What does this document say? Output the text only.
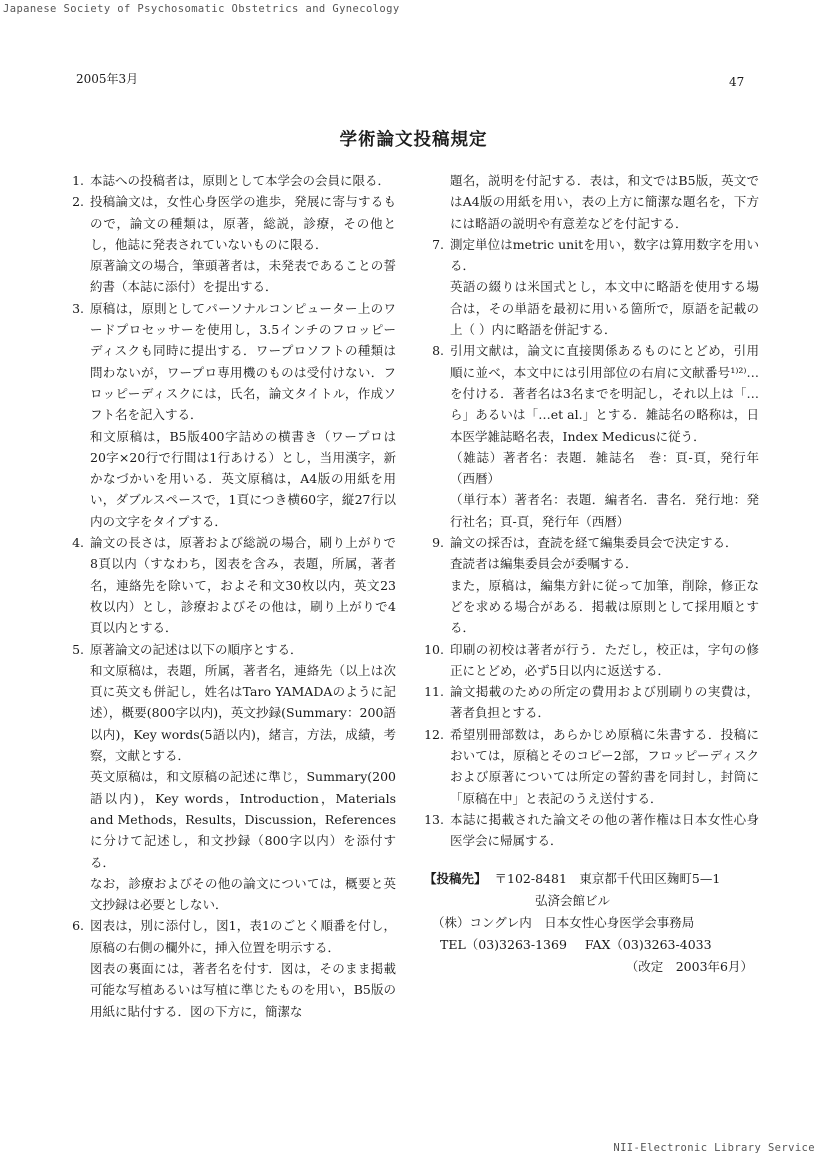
Japanese Society of Psychosomatic Obstetrics and Gynecology
2005年3月	47
学術論文投稿規定
1. 本誌への投稿者は，原則として本学会の会員に限る．

2. 投稿論文は，女性心身医学の進歩，発展に寄与するもので，論文の種類は，原著，総説，診療，その他とし，他誌に発表されていないものに限る．

原著論文の場合，筆頭著者は，未発表であることの誓約書（本誌に添付）を提出する．

3. 原稿は，原則としてパーソナルコンピューター上のワードプロセッサーを使用し，3.5インチのフロッピーディスクも同時に提出する．ワープロソフトの種類は問わないが，ワープロ専用機のものは受付けない．フロッピーディスクには，氏名，論文タイトル，作成ソフト名を記入する．

和文原稿は，B5版400字詰めの横書き（ワープロは20字×20行で行間は1行あける）とし，当用漢字，新かなづかいを用いる．英文原稿は，A4版の用紙を用い，ダブルスペースで，1頁につき横60字，縦27行以内の文字をタイプする．

4. 論文の長さは，原著および総説の場合，刷り上がりで8頁以内（すなわち，図表を含み，表題，所属，著者名，連絡先を除いて，およそ和文30枚以内，英文23枚以内）とし，診療およびその他は，刷り上がりで4頁以内とする．

5. 原著論文の記述は以下の順序とする．

和文原稿は，表題，所属，著者名，連絡先（以上は次頁に英文も併記し，姓名はTaro YAMADAのように記述），概要(800字以内)，英文抄録(Summary：200語以内)，Key words(5語以内)，緒言，方法，成績，考察，文献とする．

英文原稿は，和文原稿の記述に準じ，Summary(200語以内)，Key words，Introduction，Materials and Methods，Results，Discussion，Referencesに分けて記述し，和文抄録（800字以内）を添付する．

なお，診療およびその他の論文については，概要と英文抄録は必要としない．

6. 図表は，別に添付し，図1，表1のごとく順番を付し，原稿の右側の欄外に，挿入位置を明示する．

図表の裏面には，著者名を付す．図は，そのまま掲載可能な写植あるいは写植に準じたものを用い，B5版の用紙に貼付する．図の下方に，簡潔な

題名，説明を付記する．表は，和文ではB5版，英文ではA4版の用紙を用い，表の上方に簡潔な題名を，下方には略語の説明や有意差などを付記する．

7. 測定単位はmetric unitを用い，数字は算用数字を用いる．

英語の綴りは米国式とし，本文中に略語を使用する場合は，その単語を最初に用いる箇所で，原語を記載の上（ ）内に略語を併記する．

8. 引用文献は，論文に直接関係あるものにとどめ，引用順に並べ，本文中には引用部位の右肩に文献番号¹⁾²⁾…を付ける．著者名は3名までを明記し，それ以上は「…ら」あるいは「…et al.」とする．雑誌名の略称は，日本医学雑誌略名表，Index Medicusに従う．

（雑誌）著者名：表題．雑誌名　巻：頁-頁，発行年（西暦）

（単行本）著者名：表題．編者名．書名．発行地：発行社名；頁-頁，発行年（西暦）

9. 論文の採否は，査読を経て編集委員会で決定する．

査読者は編集委員会が委嘱する．

また，原稿は，編集方針に従って加筆，削除，修正などを求める場合がある．掲載は原則として採用順とする．

10. 印刷の初校は著者が行う．ただし，校正は，字句の修正にとどめ，必ず5日以内に返送する．

11. 論文掲載のための所定の費用および別刷りの実費は，著者負担とする．

12. 希望別冊部数は，あらかじめ原稿に朱書する．投稿においては，原稿とそのコピー2部，フロッピーディスクおよび原著については所定の誓約書を同封し，封筒に「原稿在中」と表記のうえ送付する．

13. 本誌に掲載された論文その他の著作権は日本女性心身医学会に帰属する．

【投稿先】 〒102-8481　東京都千代田区麹町5—1
弘済会館ビル
（株）コングレ内　日本女性心身医学会事務局
TEL（03)3263-1369 FAX（03)3263-4033
（改定　2003年6月）
NII-Electronic Library Service
